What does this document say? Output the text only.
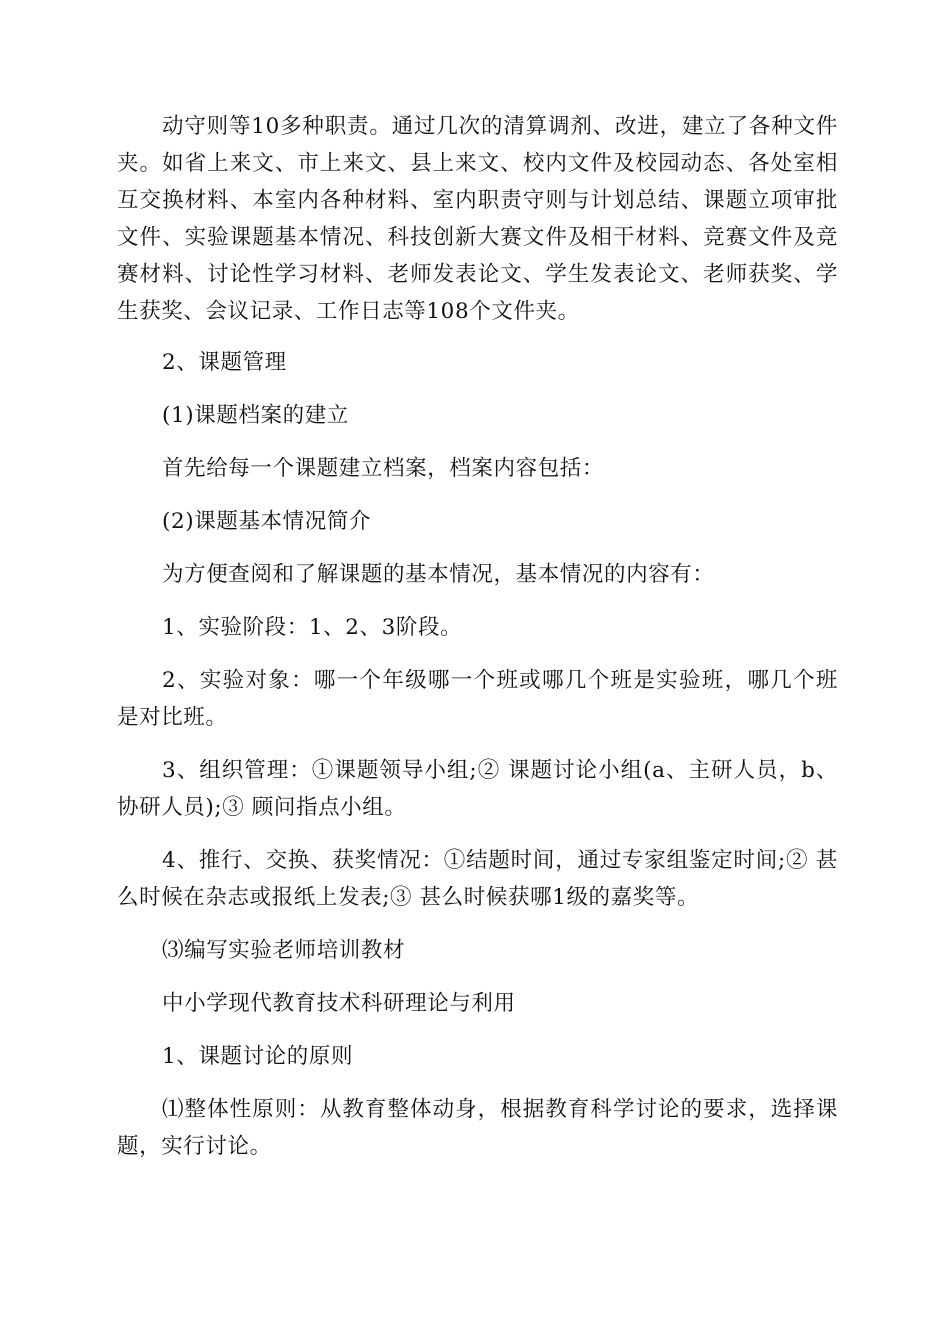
动守则等10多种职责。通过几次的清算调剂、改进，建立了各种文件夹。如省上来文、市上来文、县上来文、校内文件及校园动态、各处室相互交换材料、本室内各种材料、室内职责守则与计划总结、课题立项审批文件、实验课题基本情况、科技创新大赛文件及相干材料、竞赛文件及竞赛材料、讨论性学习材料、老师发表论文、学生发表论文、老师获奖、学生获奖、会议记录、工作日志等108个文件夹。

2、课题管理

(1)课题档案的建立

首先给每一个课题建立档案，档案内容包括：

(2)课题基本情况简介

为方便查阅和了解课题的基本情况，基本情况的内容有：

1、实验阶段：1、2、3阶段。

2、实验对象：哪一个年级哪一个班或哪几个班是实验班，哪几个班是对比班。

3、组织管理：①课题领导小组;② 课题讨论小组(a、主研人员，b、协研人员);③ 顾问指点小组。

4、推行、交换、获奖情况：①结题时间，通过专家组鉴定时间;② 甚么时候在杂志或报纸上发表;③ 甚么时候获哪1级的嘉奖等。

⑶编写实验老师培训教材

中小学现代教育技术科研理论与利用

1、课题讨论的原则

⑴整体性原则：从教育整体动身，根据教育科学讨论的要求，选择课题，实行讨论。
